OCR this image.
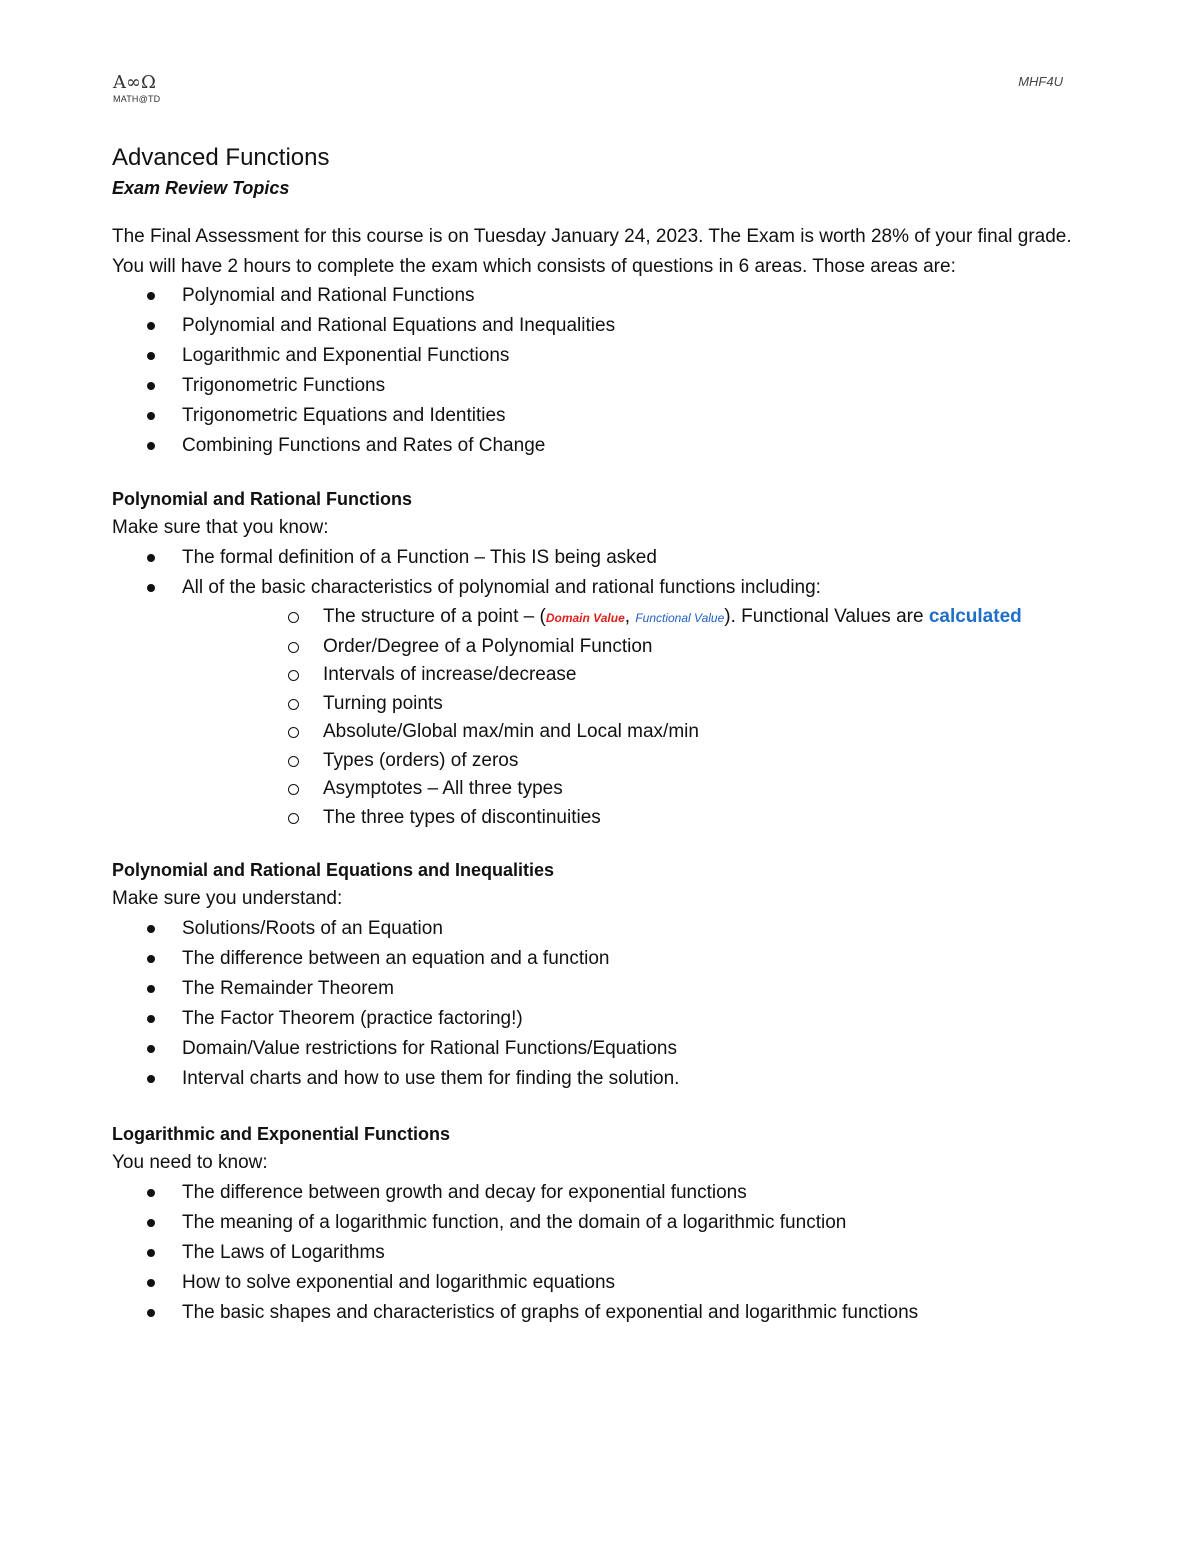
A∞Ω
MATH@TD
MHF4U
Advanced Functions
Exam Review Topics

The Final Assessment for this course is on Tuesday January 24, 2023. The Exam is worth 28% of your final grade. You will have 2 hours to complete the exam which consists of questions in 6 areas. Those areas are:

Polynomial and Rational Functions
Polynomial and Rational Equations and Inequalities
Logarithmic and Exponential Functions
Trigonometric Functions
Trigonometric Equations and Identities
Combining Functions and Rates of Change
Polynomial and Rational Functions

Make sure that you know:

The formal definition of a Function – This IS being asked
All of the basic characteristics of polynomial and rational functions including:
The structure of a point – (Domain Value, Functional Value). Functional Values are calculated
Order/Degree of a Polynomial Function
Intervals of increase/decrease
Turning points
Absolute/Global max/min and Local max/min
Types (orders) of zeros
Asymptotes – All three types
The three types of discontinuities
Polynomial and Rational Equations and Inequalities

Make sure you understand:

Solutions/Roots of an Equation
The difference between an equation and a function
The Remainder Theorem
The Factor Theorem (practice factoring!)
Domain/Value restrictions for Rational Functions/Equations
Interval charts and how to use them for finding the solution.
Logarithmic and Exponential Functions

You need to know:

The difference between growth and decay for exponential functions
The meaning of a logarithmic function, and the domain of a logarithmic function
The Laws of Logarithms
How to solve exponential and logarithmic equations
The basic shapes and characteristics of graphs of exponential and logarithmic functions
